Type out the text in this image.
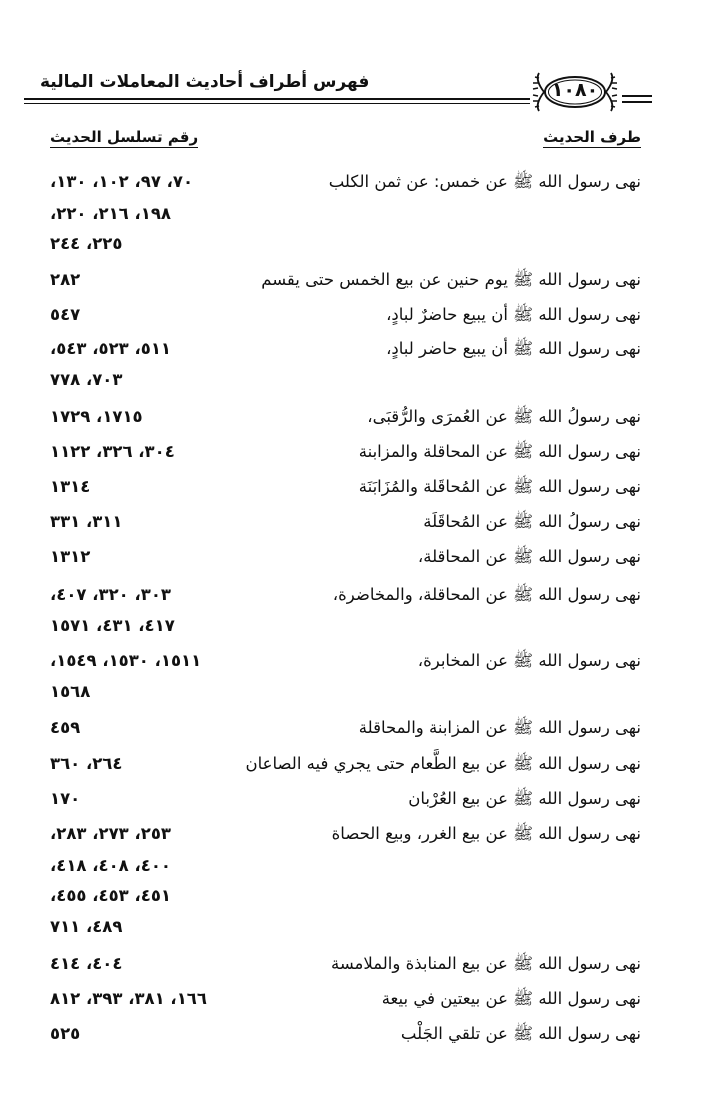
فهرس أطراف أحاديث المعاملات المالية	١٠٨٠
طرف الحديث
رقم تسلسل الحديث
نهى رسول الله ﷺ عن خمس: عن ثمن الكلب
٧٠، ٩٧، ١٠٢، ١٣٠،
١٩٨، ٢١٦، ٢٢٠،
٢٢٥، ٢٤٤
نهى رسول الله ﷺ يوم حنين عن بيع الخمس حتى يقسم
٢٨٢
نهى رسول الله ﷺ أن يبيع حاضرٌ لبادٍ،
٥٤٧
نهى رسول الله ﷺ أن يبيع حاضر لبادٍ،
٥١١، ٥٢٣، ٥٤٣،
٧٠٣، ٧٧٨
نهى رسولُ الله ﷺ عن العُمرَى والرُّقبَى،
١٧١٥، ١٧٢٩
نهى رسول الله ﷺ عن المحاقلة والمزابنة
٣٠٤، ٣٢٦، ١١٢٢
نهى رسول الله ﷺ عن المُحاقَلة والمُزَابَنَة
١٣١٤
نهى رسولُ الله ﷺ عن المُحاقَلَة
٣١١، ٣٣١
نهى رسول الله ﷺ عن المحاقلة،
١٣١٢
نهى رسول الله ﷺ عن المحاقلة، والمخاضرة،
٣٠٣، ٣٢٠، ٤٠٧،
٤١٧، ٤٣١، ١٥٧١
نهى رسول الله ﷺ عن المخابرة،
١٥١١، ١٥٣٠، ١٥٤٩،
١٥٦٨
نهى رسول الله ﷺ عن المزابنة والمحاقلة
٤٥٩
نهى رسول الله ﷺ عن بيع الطَّعام حتى يجري فيه الصاعان
٢٦٤، ٣٦٠
نهى رسول الله ﷺ عن بيع العُرْبان
١٧٠
نهى رسول الله ﷺ عن بيع الغرر، وبيع الحصاة
٢٥٣، ٢٧٣، ٢٨٣،
٤٠٠، ٤٠٨، ٤١٨،
٤٥١، ٤٥٣، ٤٥٥،
٤٨٩، ٧١١
نهى رسول الله ﷺ عن بيع المنابذة والملامسة
٤٠٤، ٤١٤
نهى رسول الله ﷺ عن بيعتين في بيعة
١٦٦، ٣٨١، ٣٩٣، ٨١٢
نهى رسول الله ﷺ عن تلقي الجَلْب
٥٢٥
